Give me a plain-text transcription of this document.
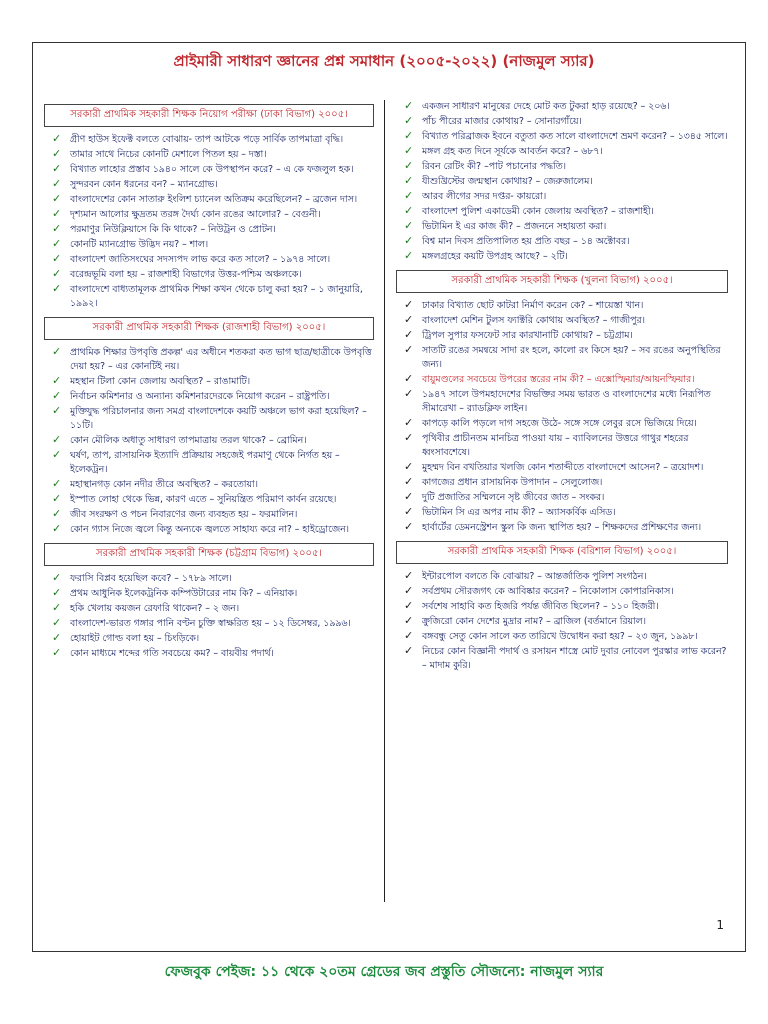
প্রাইমারী সাধারণ জ্ঞানের প্রশ্ন সমাধান (২০০৫-২০২২) (নাজমুল স্যার)
সরকারী প্রাথমিক সহকারী শিক্ষক নিয়োগ পরীক্ষা (ঢাকা বিভাগ) ২০০৫।
✓ গ্রীণ হাউস ইফেক্ট বলতে বোঝায়- তাপ আটকে পড়ে সার্বিক তাপমাত্রা বৃদ্ধি।
✓ তামার সাথে নিচের কোনটি মেশালে পিতল হয় – দস্তা।
✓ বিখ্যাত লাহোর প্রস্তাব ১৯৪০ সালে কে উপস্থাপন করে? – এ কে ফজলুল হক।
✓ সুন্দরবন কোন ধরনের বন? – ম্যানগ্রোভ।
✓ বাংলাদেশের কোন সাতারু ইংলিশ চ্যানেল অতিক্রম করেছিলেন? – ব্রজেন দাস।
✓ দৃশ্যমান আলোর ক্ষুদ্রতম তরঙ্গ দৈর্ঘ্য কোন রঙের আলোর? – বেগুনী।
✓ পরমাণুর নিউক্লিয়াসে কি কি থাকে? – নিউট্রন ও প্রোটন।
✓ কোনটি ম্যানগ্রোভ উদ্ভিদ নয়? – শাল।
✓ বাংলাদেশ জাতিসংঘের সদস্যপদ লাভ করে কত সালে? – ১৯৭৪ সালে।
✓ বরেন্দ্রভূমি বলা হয় – রাজশাহী বিভাগের উত্তর-পশ্চিম অঞ্চলকে।
✓ বাংলাদেশে বাধ্যতামূলক প্রাথমিক শিক্ষা কখন থেকে চালু করা হয়? – ১ জানুয়ারি, ১৯৯২।
সরকারী প্রাথমিক সহকারী শিক্ষক (রাজশাহী বিভাগ) ২০০৫।
✓ প্রাথমিক শিক্ষার উপবৃত্তি প্রকল্প' এর অধীনে শতকরা কত ভাগ ছাত্র/ছাত্রীকে উপবৃত্তি দেয়া হয়? – এর কোনটিই নয়।
✓ মহস্থান টিলা কোন জেলায় অবস্থিত? – রাঙামাটি।
✓ নির্বাচন কমিশনার ও অন্যান্য কমিশনারদেরকে নিয়োগ করেন – রাষ্ট্রপতি।
✓ মুক্তিযুদ্ধ পরিচালনার জন্য সমগ্র বাংলাদেশকে কয়টি অঞ্চলে ভাগ করা হয়েছিল? – ১১টি।
✓ কোন মৌলিক অধাতু সাধারণ তাপমাত্রায় তরল থাকে? – ব্রোমিন।
✓ ঘর্ষণ, তাপ, রাসায়নিক ইত্যাদি প্রক্রিয়ায় সহজেই পরমাণু থেকে নির্গত হয় – ইলেকট্রন।
✓ মহাস্থানগড় কোন নদীর তীরে অবস্থিত? – করতোয়া।
✓ ইস্পাত লোহা থেকে ভিন্ন, কারণ এতে – সুনিয়ন্ত্রিত পরিমাণ কার্বন রয়েছে।
✓ জীব সংরক্ষণ ও পচন নিবারণের জন্য ব্যবহৃত হয় – ফরমালিন।
✓ কোন গ্যাস নিজে জ্বলে কিন্তু অন্যকে জ্বলতে সাহায্য করে না? – হাইড্রোজেন।
সরকারী প্রাথমিক সহকারী শিক্ষক (চট্টগ্রাম বিভাগ) ২০০৫।
✓ ফরাসি বিপ্লব হয়েছিল কবে? – ১৭৮৯ সালে।
✓ প্রথম আধুনিক ইলেকট্রনিক কম্পিউটারের নাম কি? – এনিয়াক।
✓ হকি খেলায় কয়জন রেফারি থাকেন? – ২ জন।
✓ বাংলাদেশ-ভারত গঙ্গার পানি বণ্টন চুক্তি স্বাক্ষরিত হয় – ১২ ডিসেম্বর, ১৯৯৬।
✓ হোয়াইট গোল্ড বলা হয় – চিংড়িকে।
✓ কোন মাধ্যমে শব্দের গতি সবচেয়ে কম? – বায়বীয় পদার্থ।
✓ একজন সাধারণ মানুষের দেহে মোট কত টুকরা হাড় রয়েছে? – ২০৬।
✓ পাঁচ পীরের মাজার কোথায়? – সোনারগাঁয়ে।
✓ বিখ্যাত পরিব্রাজক ইবনে বতুতা কত সালে বাংলাদেশে ভ্রমণ করেন? – ১৩৪৫ সালে।
✓ মঙ্গল গ্রহ কত দিনে সূর্যকে আবর্তন করে? – ৬৮৭।
✓ রিবন রেটিং কী? –পাট পচানোর পদ্ধতি।
✓ যীশুখ্রিস্টের জন্মস্থান কোথায়? – জেরুজালেম।
✓ আরব লীগের সদর দপ্তর- কায়রো।
✓ বাংলাদেশ পুলিশ একাডেমী কোন জেলায় অবস্থিত? – রাজশাহী।
✓ ভিটামিন ই এর কাজ কী? – প্রজননে সহায়তা করা।
✓ বিশ্ব মান দিবস প্রতিপালিত হয় প্রতি বছর – ১৪ অক্টোবর।
✓ মঙ্গলগ্রহের কয়টি উপগ্রহ আছে? – ২টি।
সরকারী প্রাথমিক সহকারী শিক্ষক (খুলনা বিভাগ) ২০০৫।
✓ ঢাকার বিখ্যাত ছোট কাটরা নির্মাণ করেন কে? – শায়েস্তা খান।
✓ বাংলাদেশ মেশিন টুলস ফ্যাক্টরি কোথায় অবস্থিত? – গাজীপুর।
✓ ট্রিপল সুপার ফসফেট সার কারখানাটি কোথায়? – চট্টগ্রাম।
✓ সাতটি রঙের সমন্বয়ে সাদা রং হলে, কালো রং কিসে হয়? – সব রঙের অনুপস্থিতির জন্য।
✓ বায়ুমণ্ডলের সবচেয়ে উপরের স্তরের নাম কী? – এক্সোস্ফিয়ার/আয়নস্ফিয়ার।
✓ ১৯৪৭ সালে উপমহাদেশের বিভক্তির সময় ভারত ও বাংলাদেশের মধ্যে নিরূপিত সীমারেখা – র‍্যাডক্লিফ লাইন।
✓ কাপড়ে কালি পড়লে দাগ সহজে উঠে- সঙ্গে সঙ্গে লেবুর রসে ভিজিয়ে দিয়ে।
✓ পৃথিবীর প্রাচীনতম মানচিত্র পাওয়া যায় – ব্যাবিলনের উত্তরে গাথুর শহরের ধ্বংসাবশেষে।
✓ মুহম্মদ বিন বখতিয়ার খলজি কোন শতাব্দীতে বাংলাদেশে আসেন? – ত্রয়োদশ।
✓ কাগজের প্রধান রাসায়নিক উপাদান – সেলুলোজ।
✓ দুটি প্রজাতির সম্মিলনে সৃষ্ট জীবের জাত – সংকর।
✓ ভিটামিন সি এর অপর নাম কী? – অ্যাসকর্বিক এসিড।
✓ হার্বার্টের ডেমনস্ট্রেশন স্কুল কি জন্য স্থাপিত হয়? – শিক্ষকদের প্রশিক্ষণের জন্য।
সরকারী প্রাথমিক সহকারী শিক্ষক (বরিশাল বিভাগ) ২০০৫।
✓ ইন্টারপোল বলতে কি বোঝায়? – আন্তর্জাতিক পুলিশ সংগঠন।
✓ সর্বপ্রথম সৌরজগৎ কে আবিষ্কার করেন? – নিকোলাস কোপারনিকাস।
✓ সর্বশেষ সাহাবি কত হিজরি পর্যন্ত জীবিত ছিলেন? – ১১০ হিজরী।
✓ ক্রুজিরো কোন দেশের মুদ্রার নাম? – ব্রাজিল (বর্তমানে রিয়াল।
✓ বঙ্গবন্ধু সেতু কোন সালে কত তারিখে উদ্বোধন করা হয়? – ২৩ জুন, ১৯৯৮।
✓ নিচের কোন বিজ্ঞানী পদার্থ ও রসায়ন শাস্ত্রে মোট দুবার নোবেল পুরস্কার লাভ করেন? – মাদাম কুরি।
1
ফেজবুক পেইজ: ১১ থেকে ২০তম গ্রেডের জব প্রস্তুতি সৌজন্যে: নাজমুল স্যার
